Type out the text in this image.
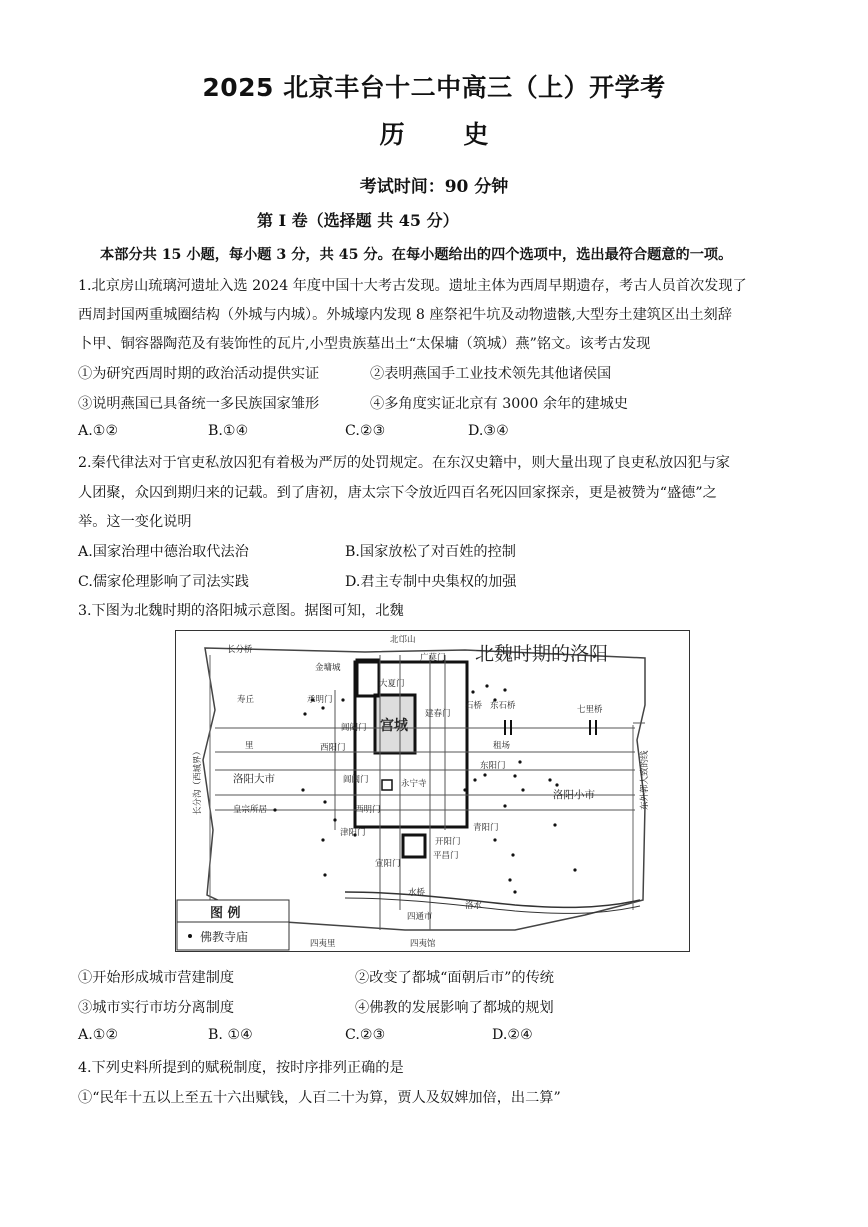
2025 北京丰台十二中高三（上）开学考
历 史
考试时间：90 分钟
第 I 卷（选择题 共 45 分）
本部分共 15 小题，每小题 3 分，共 45 分。在每小题给出的四个选项中，选出最符合题意的一项。
1.北京房山琉璃河遗址入选 2024 年度中国十大考古发现。遗址主体为西周早期遗存，考古人员首次发现了
西周封国两重城圈结构（外城与内城）。外城壕内发现 8 座祭祀牛坑及动物遗骸,大型夯土建筑区出土刻辞
卜甲、铜容器陶范及有装饰性的瓦片,小型贵族墓出土“太保墉（筑城）燕”铭文。该考古发现
①为研究西周时期的政治活动提供实证	②表明燕国手工业技术领先其他诸侯国
③说明燕国已具备统一多民族国家雏形	④多角度实证北京有 3000 余年的建城史
A.①②	B.①④	C.②③	D.③④
2.秦代律法对于官吏私放囚犯有着极为严厉的处罚规定。在东汉史籍中，则大量出现了良吏私放囚犯与家
人团聚，众囚到期归来的记载。到了唐初，唐太宗下令放近四百名死囚回家探亲，更是被赞为“盛德”之
举。这一变化说明
A.国家治理中德治取代法治	B.国家放松了对百姓的控制
C.儒家伦理影响了司法实践	D.君主专制中央集权的加强
3.下图为北魏时期的洛阳城示意图。据图可知，北魏
宫城
北魏时期的洛阳
北邙山
长分桥
金墉城
广莫门
大夏门
寿丘	承明门
阊阖门
建春门
石桥 东石桥	七里桥
里	西阳门	租场
洛阳大市	阊阖门	永宁寺
东阳门
洛阳小市
皇宗所居	西明门
青阳门
津阳门
开阳门
平昌门
宣阳门
水桥
洛水
四通市
四夷里	四夷馆
长分沟（西城界）	东外郭大致的线
图 例
佛教寺庙
①开始形成城市营建制度	②改变了都城“面朝后市”的传统
③城市实行市坊分离制度	④佛教的发展影响了都城的规划
A.①②	B. ①④	C.②③	D.②④
4.下列史料所提到的赋税制度，按时序排列正确的是
①“民年十五以上至五十六出赋钱，人百二十为算，贾人及奴婢加倍，出二算”
